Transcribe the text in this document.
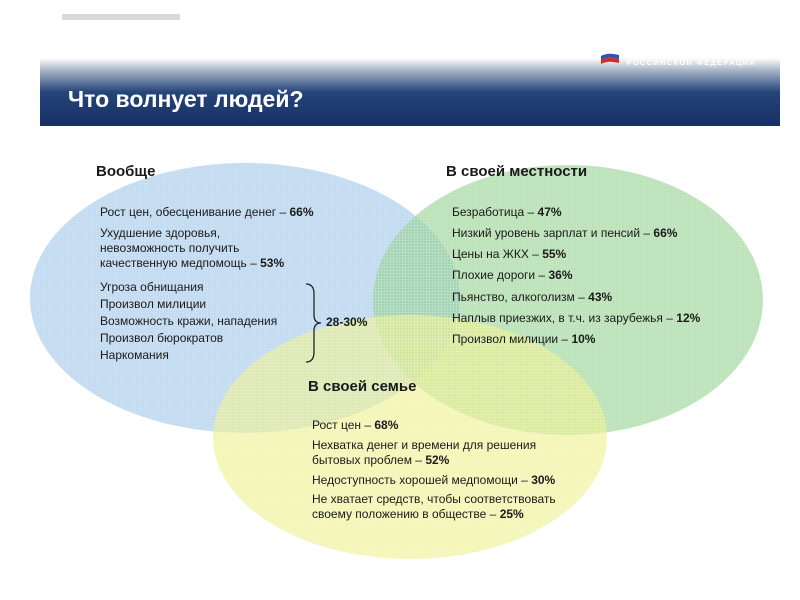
ОБЩЕСТВЕННАЯ ПАЛАТА
РОССИЙСКОЙ ФЕДЕРАЦИИ
Что волнует людей?
Вообще
Рост цен, обесценивание денег – 66%
Ухудшение здоровья, невозможность получить
качественную медпомощь – 53%
Угроза обнищания
Произвол милиции
Возможность кражи, нападения
Произвол бюрократов
Наркомания
28-30%
В своей местности
Безработица – 47%
Низкий уровень зарплат и пенсий – 66%
Цены на ЖКХ – 55%
Плохие дороги – 36%
Пьянство, алкоголизм – 43%
Наплыв приезжих, в т.ч. из зарубежья – 12%
Произвол милиции – 10%
В своей семье
Рост цен – 68%
Нехватка денег и времени для решения
бытовых проблем – 52%
Недоступность хорошей медпомощи – 30%
Не хватает средств, чтобы соответствовать
своему положению в обществе – 25%
